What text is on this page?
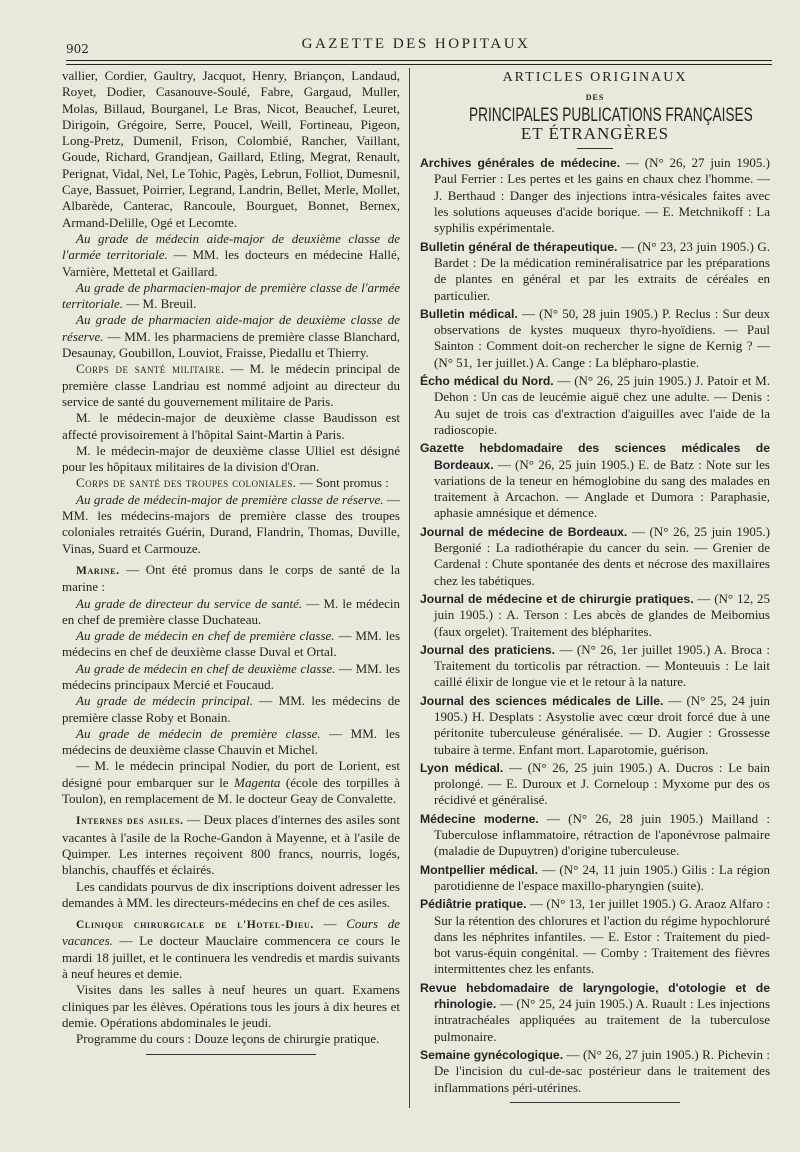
902	GAZETTE DES HOPITAUX

vallier, Cordier, Gaultry, Jacquot, Henry, Briançon, Landaud, Royet, Dodier, Casanouve-Soulé, Fabre, Gargaud, Muller, Molas, Billaud, Bourganel, Le Bras, Nicot, Beauchef, Leuret, Dirigoin, Grégoire, Serre, Poucel, Weill, Fortineau, Pigeon, Long-Pretz, Dumenil, Frison, Colombié, Rancher, Vaillant, Goude, Richard, Grandjean, Gaillard, Etling, Megrat, Renault, Perignat, Vidal, Nel, Le Tohic, Pagès, Lebrun, Folliot, Dumesnil, Caye, Bassuet, Poirrier, Legrand, Landrin, Bellet, Merle, Mollet, Albarède, Canterac, Rancoule, Bourguet, Bonnet, Bernex, Armand-Delille, Ogé et Lecomte.

Au grade de médecin aide-major de deuxième classe de l'armée territoriale. — MM. les docteurs en médecine Hallé, Varnière, Mettetal et Gaillard.

Au grade de pharmacien-major de première classe de l'armée territoriale. — M. Breuil.

Au grade de pharmacien aide-major de deuxième classe de réserve. — MM. les pharmaciens de première classe Blanchard, Desaunay, Goubillon, Louviot, Fraisse, Piedallu et Thierry.

Corps de santé militaire. — M. le médecin principal de première classe Landriau est nommé adjoint au directeur du service de santé du gouvernement militaire de Paris.

M. le médecin-major de deuxième classe Baudisson est affecté provisoirement à l'hôpital Saint-Martin à Paris.

M. le médecin-major de deuxième classe Ulliel est désigné pour les hôpitaux militaires de la division d'Oran.

Corps de santé des troupes coloniales. — Sont promus :

Au grade de médecin-major de première classe de réserve. — MM. les médecins-majors de première classe des troupes coloniales retraités Guérin, Durand, Flandrin, Thomas, Duville, Vinas, Suard et Carmouze.

Marine. — Ont été promus dans le corps de santé de la marine :

Au grade de directeur du service de santé. — M. le médecin en chef de première classe Duchateau.

Au grade de médecin en chef de première classe. — MM. les médecins en chef de deuxième classe Duval et Ortal.

Au grade de médecin en chef de deuxième classe. — MM. les médecins principaux Mercié et Foucaud.

Au grade de médecin principal. — MM. les médecins de première classe Roby et Bonain.

Au grade de médecin de première classe. — MM. les médecins de deuxième classe Chauvin et Michel.

— M. le médecin principal Nodier, du port de Lorient, est désigné pour embarquer sur le Magenta (école des torpilles à Toulon), en remplacement de M. le docteur Geay de Convalette.

Internes des asiles. — Deux places d'internes des asiles sont vacantes à l'asile de la Roche-Gandon à Mayenne, et à l'asile de Quimper. Les internes reçoivent 800 francs, nourris, logés, blanchis, chauffés et éclairés.

Les candidats pourvus de dix inscriptions doivent adresser les demandes à MM. les directeurs-médecins en chef de ces asiles.

Clinique chirurgicale de l'Hotel-Dieu. — Cours de vacances. — Le docteur Mauclaire commencera ce cours le mardi 18 juillet, et le continuera les vendredis et mardis suivants à neuf heures et demie.

Visites dans les salles à neuf heures un quart. Examens cliniques par les élèves. Opérations tous les jours à dix heures et demie. Opérations abdominales le jeudi.

Programme du cours : Douze leçons de chirurgie pratique.

ARTICLES ORIGINAUX
DES
PRINCIPALES PUBLICATIONS FRANÇAISES
ET ÉTRANGÈRES

Archives générales de médecine. — (N° 26, 27 juin 1905.) Paul Ferrier : Les pertes et les gains en chaux chez l'homme. — J. Berthaud : Danger des injections intra-vésicales faites avec les solutions aqueuses d'acide borique. — E. Metchnikoff : La syphilis expérimentale.

Bulletin général de thérapeutique. — (N° 23, 23 juin 1905.) G. Bardet : De la médication reminéralisatrice par les préparations de plantes en général et par les extraits de céréales en particulier.

Bulletin médical. — (N° 50, 28 juin 1905.) P. Reclus : Sur deux observations de kystes muqueux thyro-hyoïdiens. — Paul Sainton : Comment doit-on rechercher le signe de Kernig ? — (N° 51, 1er juillet.) A. Cange : La blépharo-plastie.

Écho médical du Nord. — (N° 26, 25 juin 1905.) J. Patoir et M. Dehon : Un cas de leucémie aiguë chez une adulte. — Denis : Au sujet de trois cas d'extraction d'aiguilles avec l'aide de la radioscopie.

Gazette hebdomadaire des sciences médicales de Bordeaux. — (N° 26, 25 juin 1905.) E. de Batz : Note sur les variations de la teneur en hémoglobine du sang des malades en traitement à Arcachon. — Anglade et Dumora : Paraphasie, aphasie amnésique et démence.

Journal de médecine de Bordeaux. — (N° 26, 25 juin 1905.) Bergonié : La radiothérapie du cancer du sein. — Grenier de Cardenal : Chute spontanée des dents et nécrose des maxillaires chez les tabétiques.

Journal de médecine et de chirurgie pratiques. — (N° 12, 25 juin 1905.) : A. Terson : Les abcès de glandes de Meibomius (faux orgelet). Traitement des blépharites.

Journal des praticiens. — (N° 26, 1er juillet 1905.) A. Broca : Traitement du torticolis par rétraction. — Monteuuis : Le lait caillé élixir de longue vie et le retour à la nature.

Journal des sciences médicales de Lille. — (N° 25, 24 juin 1905.) H. Desplats : Asystolie avec cœur droit forcé due à une péritonite tuberculeuse généralisée. — D. Augier : Grossesse tubaire à terme. Enfant mort. Laparotomie, guérison.

Lyon médical. — (N° 26, 25 juin 1905.) A. Ducros : Le bain prolongé. — E. Duroux et J. Corneloup : Myxome pur des os récidivé et généralisé.

Médecine moderne. — (N° 26, 28 juin 1905.) Mailland : Tuberculose inflammatoire, rétraction de l'aponévrose palmaire (maladie de Dupuytren) d'origine tuberculeuse.

Montpellier médical. — (N° 24, 11 juin 1905.) Gilis : La région parotidienne de l'espace maxillo-pharyngien (suite).

Pédiâtrie pratique. — (N° 13, 1er juillet 1905.) G. Araoz Alfaro : Sur la rétention des chlorures et l'action du régime hypochloruré dans les néphrites infantiles. — E. Estor : Traitement du pied-bot varus-équin congénital. — Comby : Traitement des fièvres intermittentes chez les enfants.

Revue hebdomadaire de laryngologie, d'otologie et de rhinologie. — (N° 25, 24 juin 1905.) A. Ruault : Les injections intratrachéales appliquées au traitement de la tuberculose pulmonaire.

Semaine gynécologique. — (N° 26, 27 juin 1905.) R. Pichevin : De l'incision du cul-de-sac postérieur dans le traitement des inflammations péri-utérines.
